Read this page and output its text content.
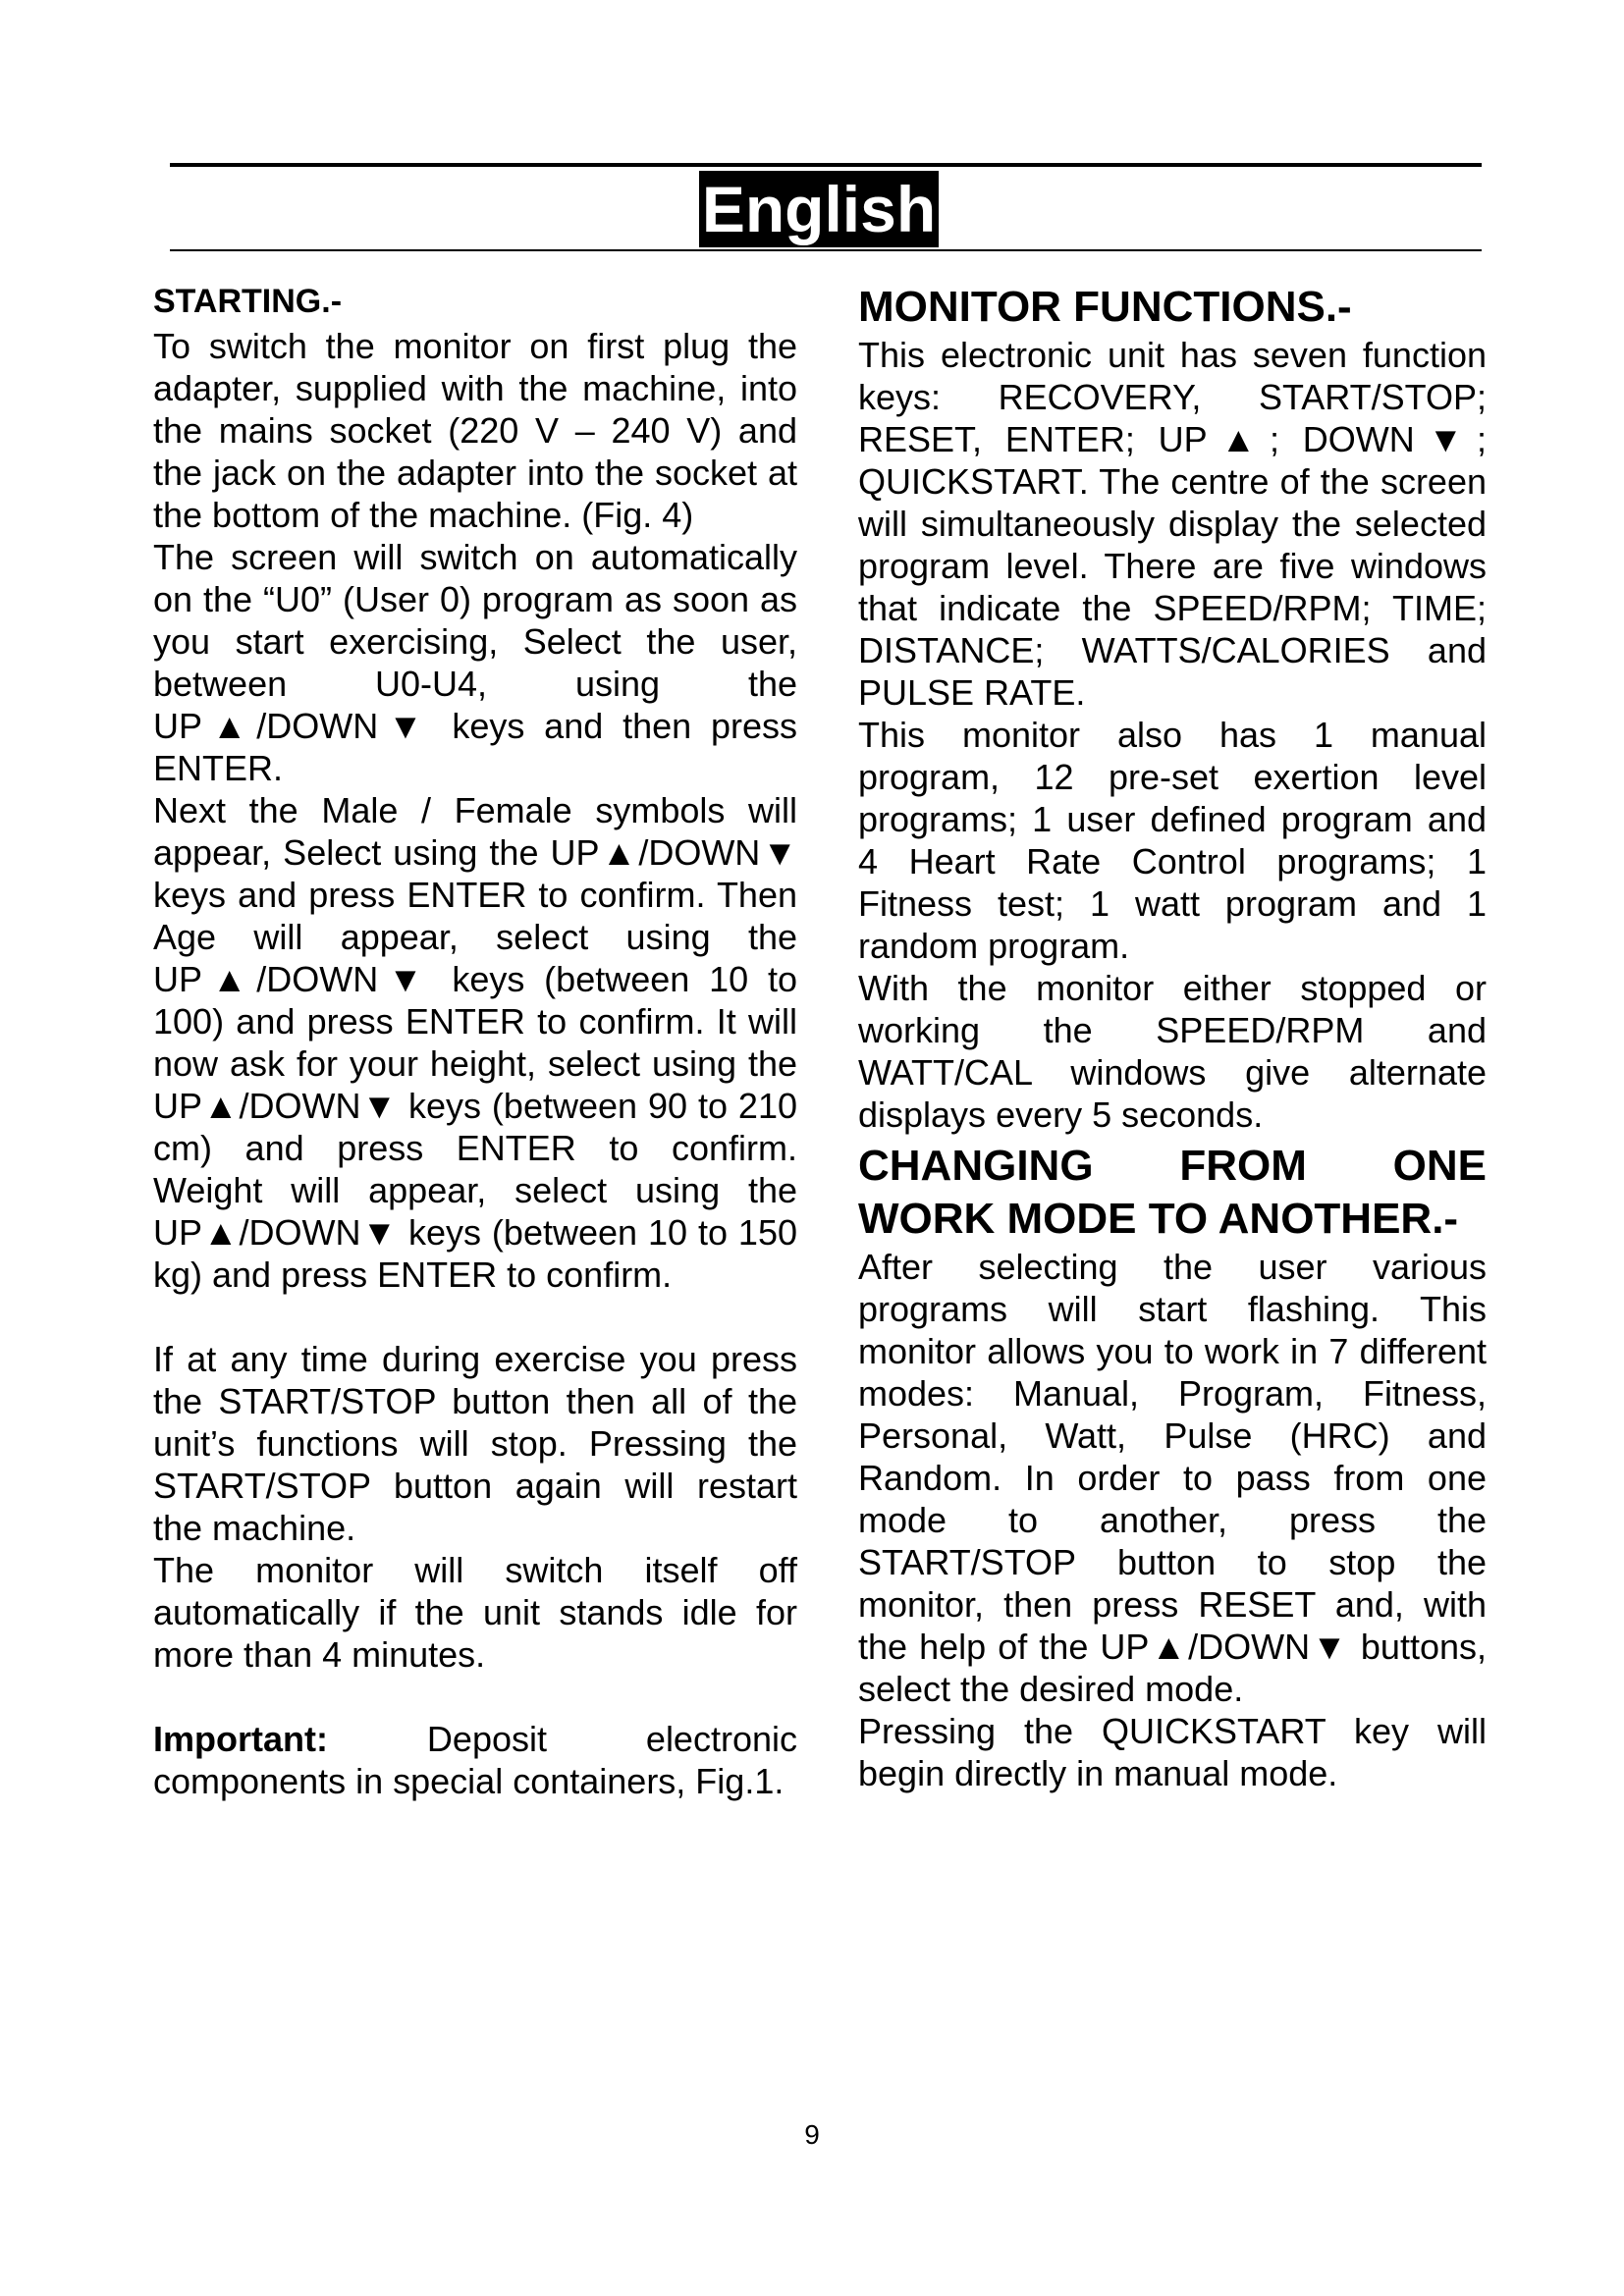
English
STARTING.-

To switch the monitor on first plug the adapter, supplied with the machine, into the mains socket (220 V – 240 V) and the jack on the adapter into the socket at the bottom of the machine. (Fig. 4)

The screen will switch on automatically on the “U0” (User 0) program as soon as you start exercising, Select the user, between U0-U4, using the UP▲/DOWN▼ keys and then press ENTER.

Next the Male / Female symbols will appear, Select using the UP▲/DOWN▼ keys and press ENTER to confirm. Then Age will appear, select using the UP▲/DOWN▼ keys (between 10 to 100) and press ENTER to confirm. It will now ask for your height, select using the UP▲/DOWN▼ keys (between 90 to 210 cm) and press ENTER to confirm. Weight will appear, select using the UP▲/DOWN▼ keys (between 10 to 150 kg) and press ENTER to confirm.

If at any time during exercise you press the START/STOP button then all of the unit’s functions will stop. Pressing the START/STOP button again will restart the machine.

The monitor will switch itself off automatically if the unit stands idle for more than 4 minutes.

Important:	Deposit electronic components in special containers, Fig.1.

MONITOR FUNCTIONS.-

This electronic unit has seven function keys: RECOVERY, START/STOP; RESET, ENTER; UP▲; DOWN▼; QUICKSTART. The centre of the screen will simultaneously display the selected program level. There are five windows that indicate the SPEED/RPM; TIME; DISTANCE; WATTS/CALORIES and PULSE RATE.

This monitor also has 1 manual program, 12 pre-set exertion level programs; 1 user defined program and 4 Heart Rate Control programs; 1 Fitness test; 1 watt program and 1 random program.

With the monitor either stopped or working the SPEED/RPM and WATT/CAL windows give alternate displays every 5 seconds.

CHANGING FROM ONE
WORK MODE TO ANOTHER.-

After selecting the user various programs will start flashing. This monitor allows you to work in 7 different modes: Manual, Program, Fitness, Personal, Watt, Pulse (HRC) and Random. In order to pass from one mode to another, press the START/STOP button to stop the monitor, then press RESET and, with the help of the UP▲/DOWN▼ buttons, select the desired mode.

Pressing the QUICKSTART key will begin directly in manual mode.

9
